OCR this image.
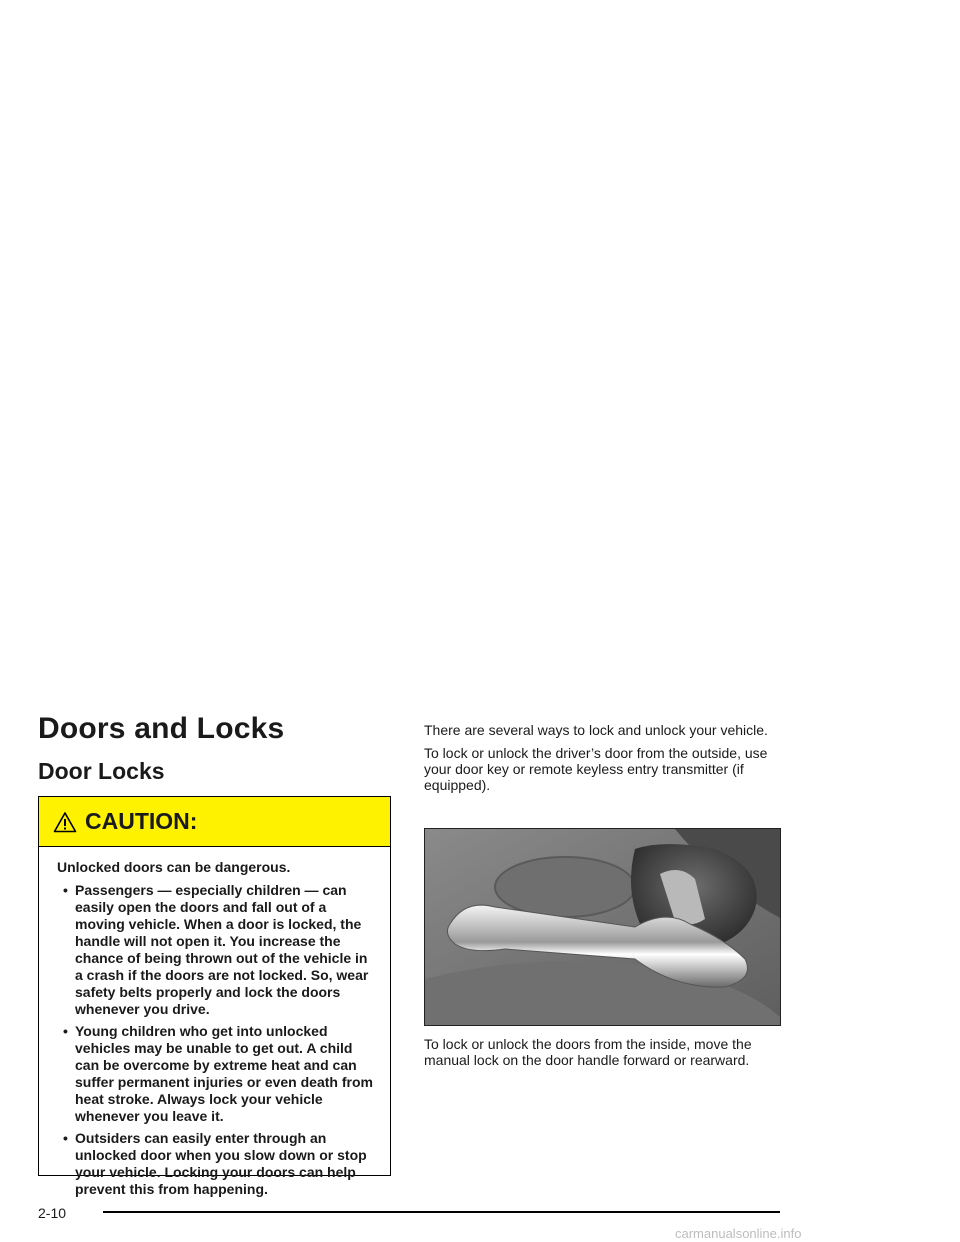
Doors and Locks
Door Locks
CAUTION:

Unlocked doors can be dangerous.

• Passengers — especially children — can easily open the doors and fall out of a moving vehicle. When a door is locked, the handle will not open it. You increase the chance of being thrown out of the vehicle in a crash if the doors are not locked. So, wear safety belts properly and lock the doors whenever you drive.
• Young children who get into unlocked vehicles may be unable to get out. A child can be overcome by extreme heat and can suffer permanent injuries or even death from heat stroke. Always lock your vehicle whenever you leave it.
• Outsiders can easily enter through an unlocked door when you slow down or stop your vehicle. Locking your doors can help prevent this from happening.

There are several ways to lock and unlock your vehicle.

To lock or unlock the driver’s door from the outside, use your door key or remote keyless entry transmitter (if equipped).

To lock or unlock the doors from the inside, move the manual lock on the door handle forward or rearward.

2-10
carmanualsonline.info
